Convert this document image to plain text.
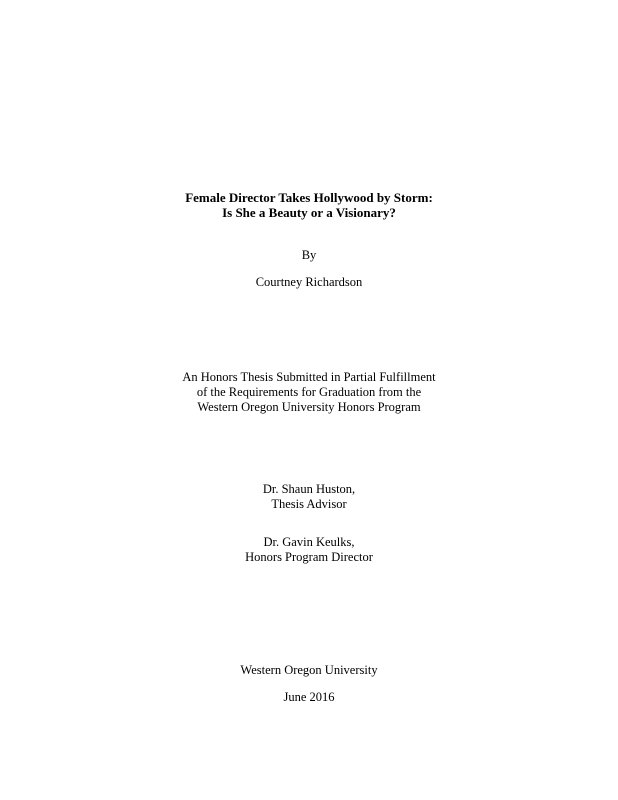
Female Director Takes Hollywood by Storm:
Is She a Beauty or a Visionary?
By
Courtney Richardson
An Honors Thesis Submitted in Partial Fulfillment
of the Requirements for Graduation from the
Western Oregon University Honors Program
Dr. Shaun Huston,
Thesis Advisor
Dr. Gavin Keulks,
Honors Program Director
Western Oregon University
June 2016
